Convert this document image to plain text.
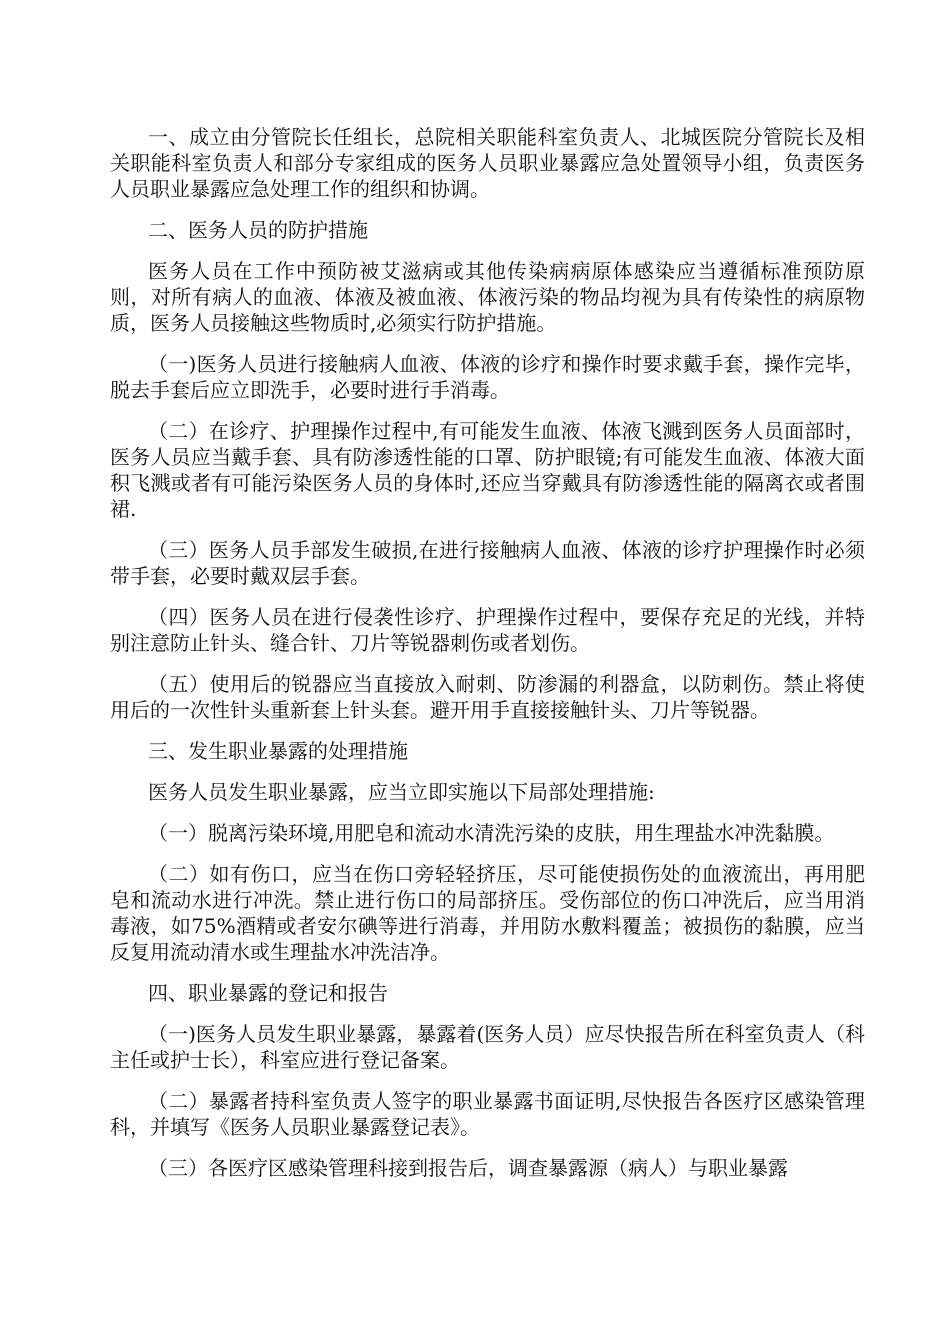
一、成立由分管院长任组长，总院相关职能科室负责人、北城医院分管院长及相关职能科室负责人和部分专家组成的医务人员职业暴露应急处置领导小组，负责医务人员职业暴露应急处理工作的组织和协调。

二、医务人员的防护措施

医务人员在工作中预防被艾滋病或其他传染病病原体感染应当遵循标准预防原则，对所有病人的血液、体液及被血液、体液污染的物品均视为具有传染性的病原物质，医务人员接触这些物质时,必须实行防护措施。

（一)医务人员进行接触病人血液、体液的诊疗和操作时要求戴手套，操作完毕，脱去手套后应立即洗手，必要时进行手消毒。

（二）在诊疗、护理操作过程中,有可能发生血液、体液飞溅到医务人员面部时，医务人员应当戴手套、具有防渗透性能的口罩、防护眼镜;有可能发生血液、体液大面积飞溅或者有可能污染医务人员的身体时,还应当穿戴具有防渗透性能的隔离衣或者围裙.

（三）医务人员手部发生破损,在进行接触病人血液、体液的诊疗护理操作时必须带手套，必要时戴双层手套。

（四）医务人员在进行侵袭性诊疗、护理操作过程中，要保存充足的光线，并特别注意防止针头、缝合针、刀片等锐器刺伤或者划伤。

（五）使用后的锐器应当直接放入耐刺、防渗漏的利器盒，以防刺伤。禁止将使用后的一次性针头重新套上针头套。避开用手直接接触针头、刀片等锐器。

三、发生职业暴露的处理措施

医务人员发生职业暴露，应当立即实施以下局部处理措施:

（一）脱离污染环境,用肥皂和流动水清洗污染的皮肤，用生理盐水冲洗黏膜。

（二）如有伤口，应当在伤口旁轻轻挤压，尽可能使损伤处的血液流出，再用肥皂和流动水进行冲洗。禁止进行伤口的局部挤压。受伤部位的伤口冲洗后，应当用消毒液，如75%酒精或者安尔碘等进行消毒，并用防水敷料覆盖；被损伤的黏膜，应当反复用流动清水或生理盐水冲洗洁净。

四、职业暴露的登记和报告

（一)医务人员发生职业暴露，暴露着(医务人员）应尽快报告所在科室负责人（科主任或护士长），科室应进行登记备案。

（二）暴露者持科室负责人签字的职业暴露书面证明,尽快报告各医疗区感染管理科，并填写《医务人员职业暴露登记表》。

（三）各医疗区感染管理科接到报告后，调查暴露源（病人）与职业暴露
